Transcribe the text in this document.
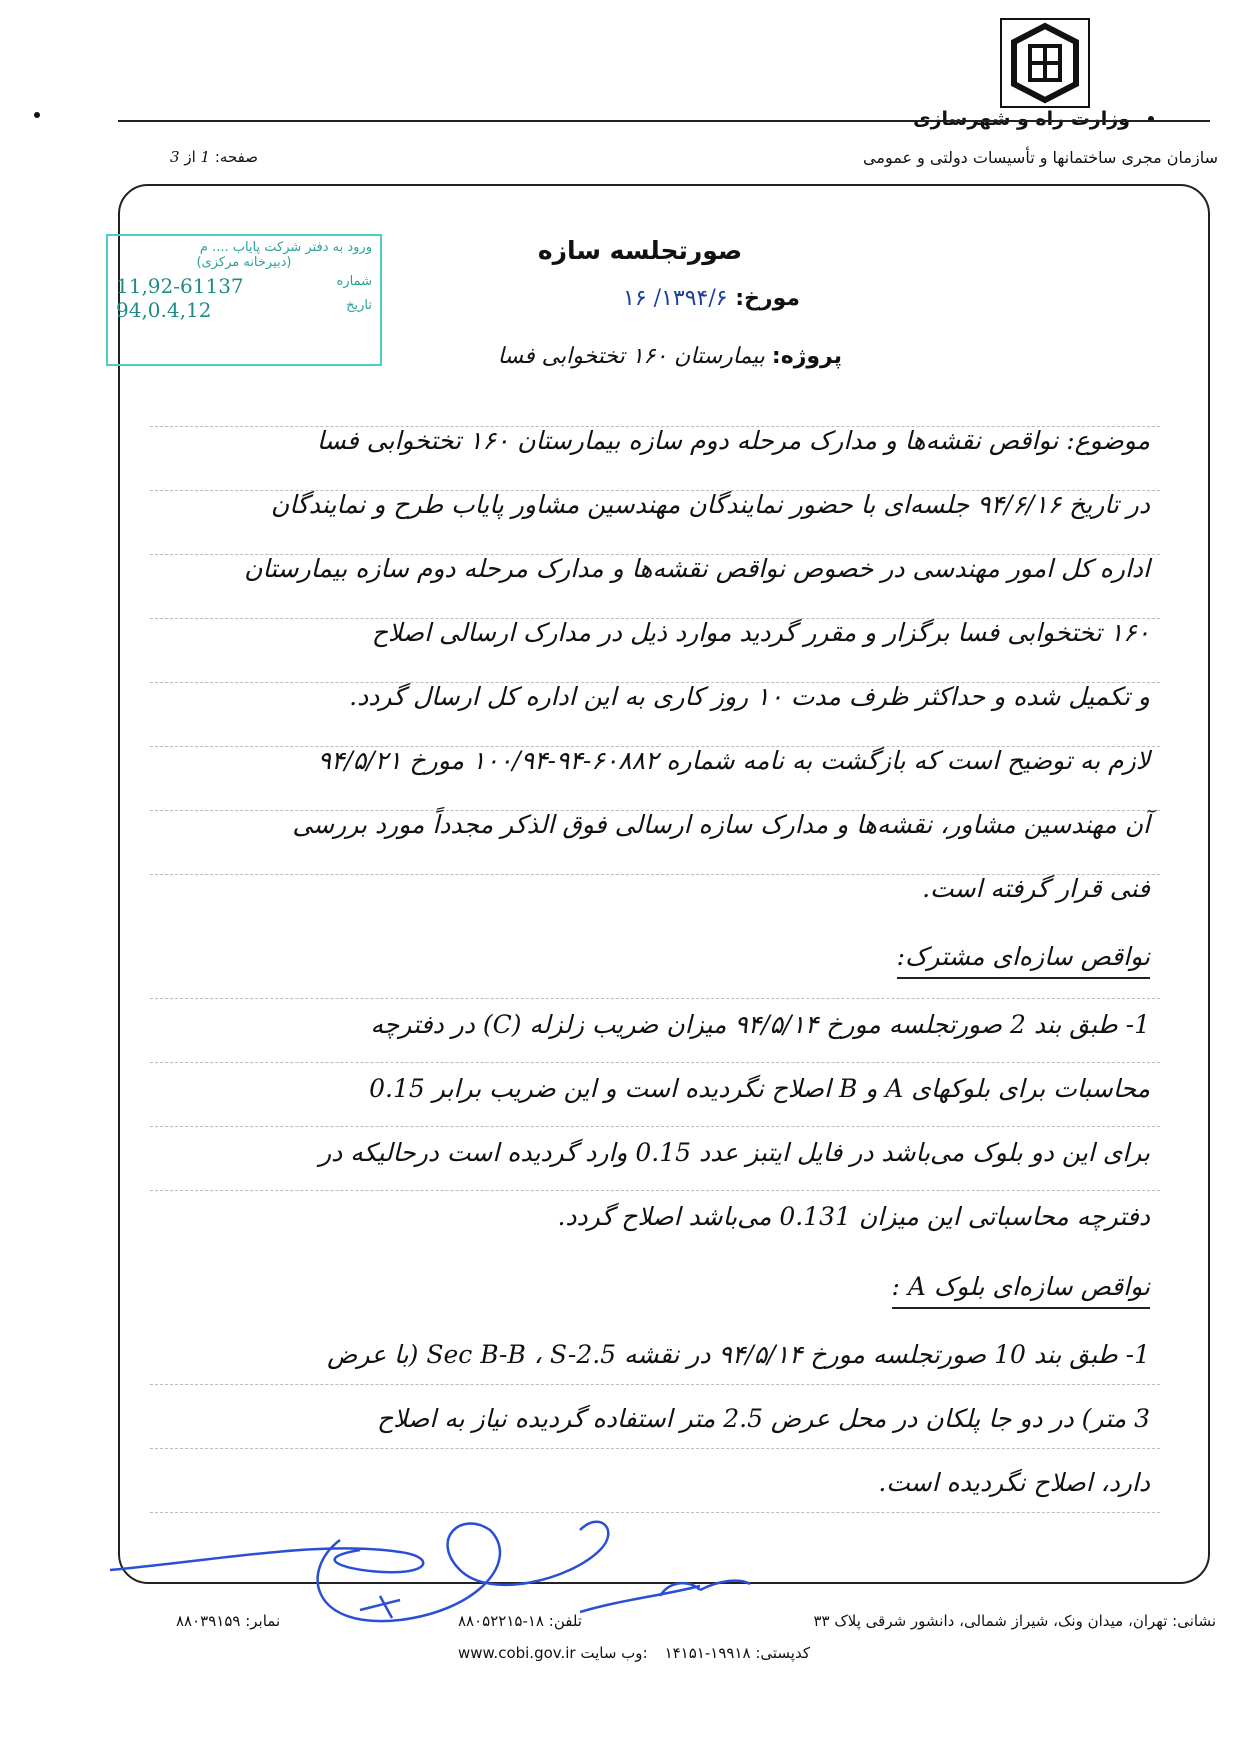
وزارت راه و شهرسازی
سازمان مجری ساختمانها و تأسیسات دولتی و عمومی
صفحه: 1 از 3
ورود به دفتر شرکت پایاب .... م
(دبیرخانه مرکزی)
11,92-61137	شماره
94,0.4,12	تاریخ
صورتجلسه سازه
مورخ: ۱۳۹۴/۶/ ۱۶
پروژه: بیمارستان ۱۶۰ تختخوابی فسا
موضوع: نواقص نقشه‌ها و مدارک مرحله دوم سازه بیمارستان ۱۶۰ تختخوابی فسا
در تاریخ ۹۴/۶/۱۶ جلسه‌ای با حضور نمایندگان مهندسین مشاور پایاب طرح و نمایندگان
اداره کل امور مهندسی در خصوص نواقص نقشه‌ها و مدارک مرحله دوم سازه بیمارستان
۱۶۰ تختخوابی فسا برگزار و مقرر گردید موارد ذیل در مدارک ارسالی اصلاح
و تکمیل شده و حداکثر ظرف مدت ۱۰ روز کاری به این اداره کل ارسال گردد.
لازم به توضیح است که بازگشت به نامه شماره ۶۰۸۸۲-۹۴-۱۰۰/۹۴ مورخ ۹۴/۵/۲۱
آن مهندسین مشاور، نقشه‌ها و مدارک سازه ارسالی فوق الذکر مجدداً مورد بررسی
فنی قرار گرفته است.
نواقص سازه‌ای مشترک:
1- طبق بند 2 صورتجلسه مورخ ۹۴/۵/۱۴ میزان ضریب زلزله (C) در دفترچه
محاسبات برای بلوکهای A و B اصلاح نگردیده است و این ضریب برابر 0.15
برای این دو بلوک می‌باشد در فایل ایتبز عدد 0.15 وارد گردیده است درحالیکه در
دفترچه محاسباتی این میزان 0.131 می‌باشد اصلاح گردد.
نواقص سازه‌ای بلوک A :
1- طبق بند 10 صورتجلسه مورخ ۹۴/۵/۱۴ در نقشه Sec B-B ، S-2.5 (با عرض
3 متر) در دو جا پلکان در محل عرض 2.5 متر استفاده گردیده نیاز به اصلاح
دارد، اصلاح نگردیده است.
نشانی: تهران، میدان ونک، شیراز شمالی، دانشور شرقی پلاک ۳۳
تلفن: ۱۸-۸۸۰۵۲۲۱۵
نمابر: ۸۸۰۳۹۱۵۹
کدپستی: ۱۹۹۱۸-۱۴۱۵۱
www.cobi.gov.ir وب سایت:
